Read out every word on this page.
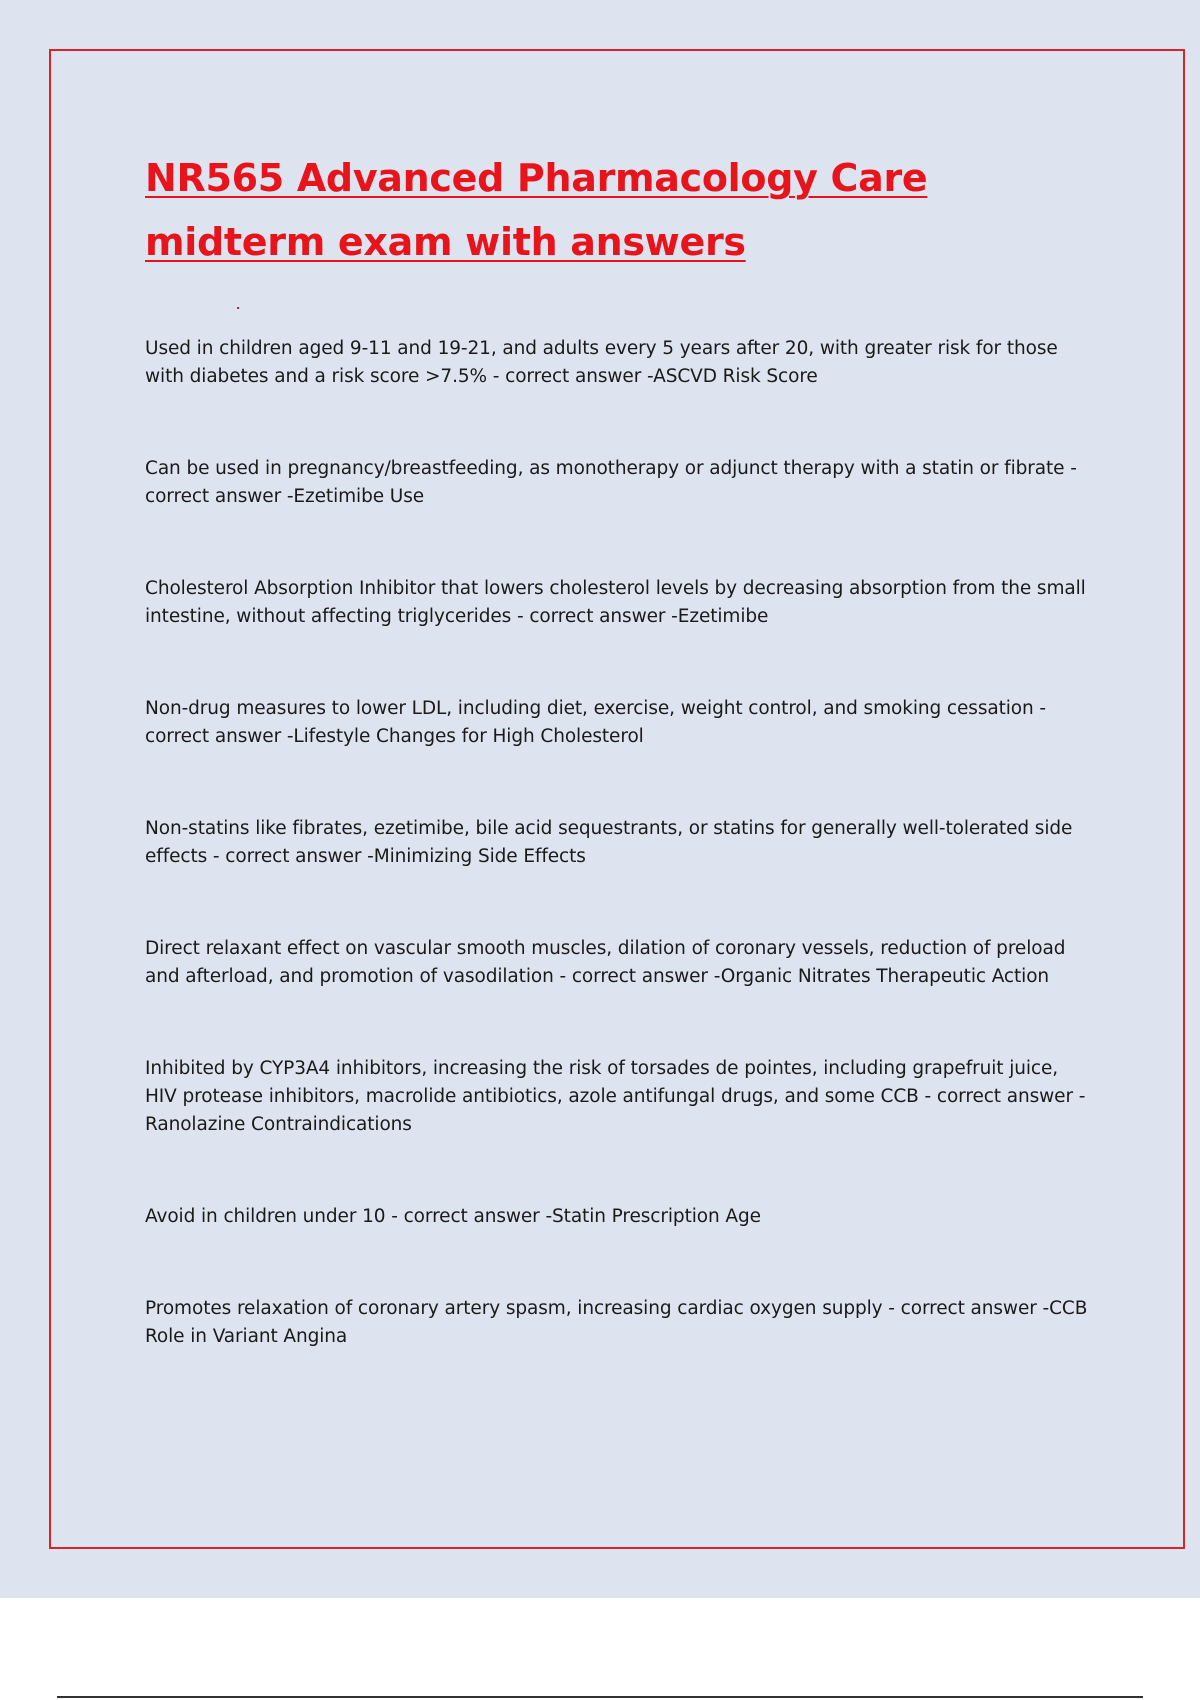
NR565 Advanced Pharmacology Care midterm exam with answers
Used in children aged 9-11 and 19-21, and adults every 5 years after 20, with greater risk for those with diabetes and a risk score >7.5% - correct answer -ASCVD Risk Score
Can be used in pregnancy/breastfeeding, as monotherapy or adjunct therapy with a statin or fibrate - correct answer -Ezetimibe Use
Cholesterol Absorption Inhibitor that lowers cholesterol levels by decreasing absorption from the small intestine, without affecting triglycerides - correct answer -Ezetimibe
Non-drug measures to lower LDL, including diet, exercise, weight control, and smoking cessation - correct answer -Lifestyle Changes for High Cholesterol
Non-statins like fibrates, ezetimibe, bile acid sequestrants, or statins for generally well-tolerated side effects - correct answer -Minimizing Side Effects
Direct relaxant effect on vascular smooth muscles, dilation of coronary vessels, reduction of preload and afterload, and promotion of vasodilation - correct answer -Organic Nitrates Therapeutic Action
Inhibited by CYP3A4 inhibitors, increasing the risk of torsades de pointes, including grapefruit juice, HIV protease inhibitors, macrolide antibiotics, azole antifungal drugs, and some CCB - correct answer -Ranolazine Contraindications
Avoid in children under 10 - correct answer -Statin Prescription Age
Promotes relaxation of coronary artery spasm, increasing cardiac oxygen supply - correct answer -CCB Role in Variant Angina
